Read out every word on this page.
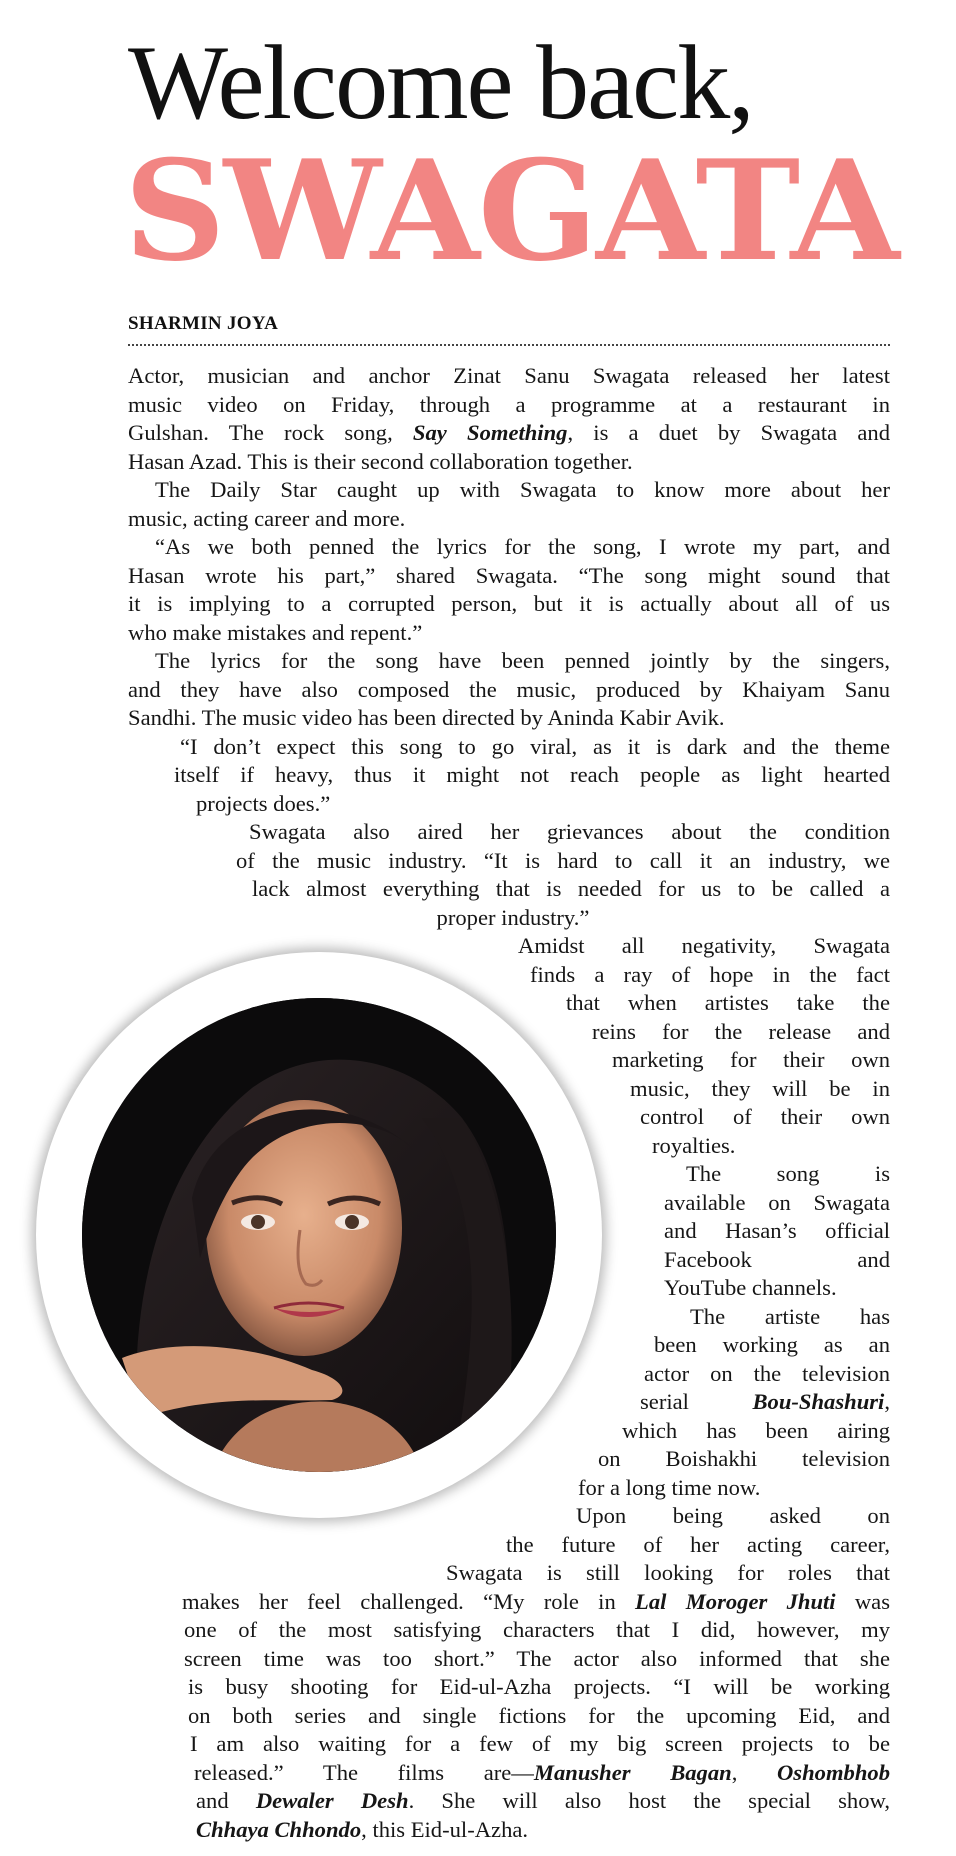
Welcome back,
SWAGATA
SHARMIN JOYA
Actor, musician and anchor Zinat Sanu Swagata released her latest
music video on Friday, through a programme at a restaurant in
Gulshan. The rock song, Say Something, is a duet by Swagata and
Hasan Azad. This is their second collaboration together.
The Daily Star caught up with Swagata to know more about her
music, acting career and more.
“As we both penned the lyrics for the song, I wrote my part, and
Hasan wrote his part,” shared Swagata. “The song might sound that
it is implying to a corrupted person, but it is actually about all of us
who make mistakes and repent.”
The lyrics for the song have been penned jointly by the singers,
and they have also composed the music, produced by Khaiyam Sanu
Sandhi. The music video has been directed by Aninda Kabir Avik.
“I don’t expect this song to go viral, as it is dark and the theme
itself if heavy, thus it might not reach people as light hearted
projects does.”
Swagata also aired her grievances about the condition
of the music industry. “It is hard to call it an industry, we
lack almost everything that is needed for us to be called a
proper industry.”
Amidst all negativity, Swagata
finds a ray of hope in the fact
that when artistes take the
reins for the release and
marketing for their own
music, they will be in
control of their own
royalties.
The song is
available on Swagata
and Hasan’s official
Facebook and
YouTube channels.
The artiste has
been working as an
actor on the television
serial Bou-Shashuri,
which has been airing
on Boishakhi television
for a long time now.
Upon being asked on
the future of her acting career,
Swagata is still looking for roles that
makes her feel challenged. “My role in Lal Moroger Jhuti was
one of the most satisfying characters that I did, however, my
screen time was too short.” The actor also informed that she
is busy shooting for Eid-ul-Azha projects. “I will be working
on both series and single fictions for the upcoming Eid, and
I am also waiting for a few of my big screen projects to be
released.” The films are—Manusher Bagan, Oshombhob
and Dewaler Desh. She will also host the special show,
Chhaya Chhondo, this Eid-ul-Azha.
